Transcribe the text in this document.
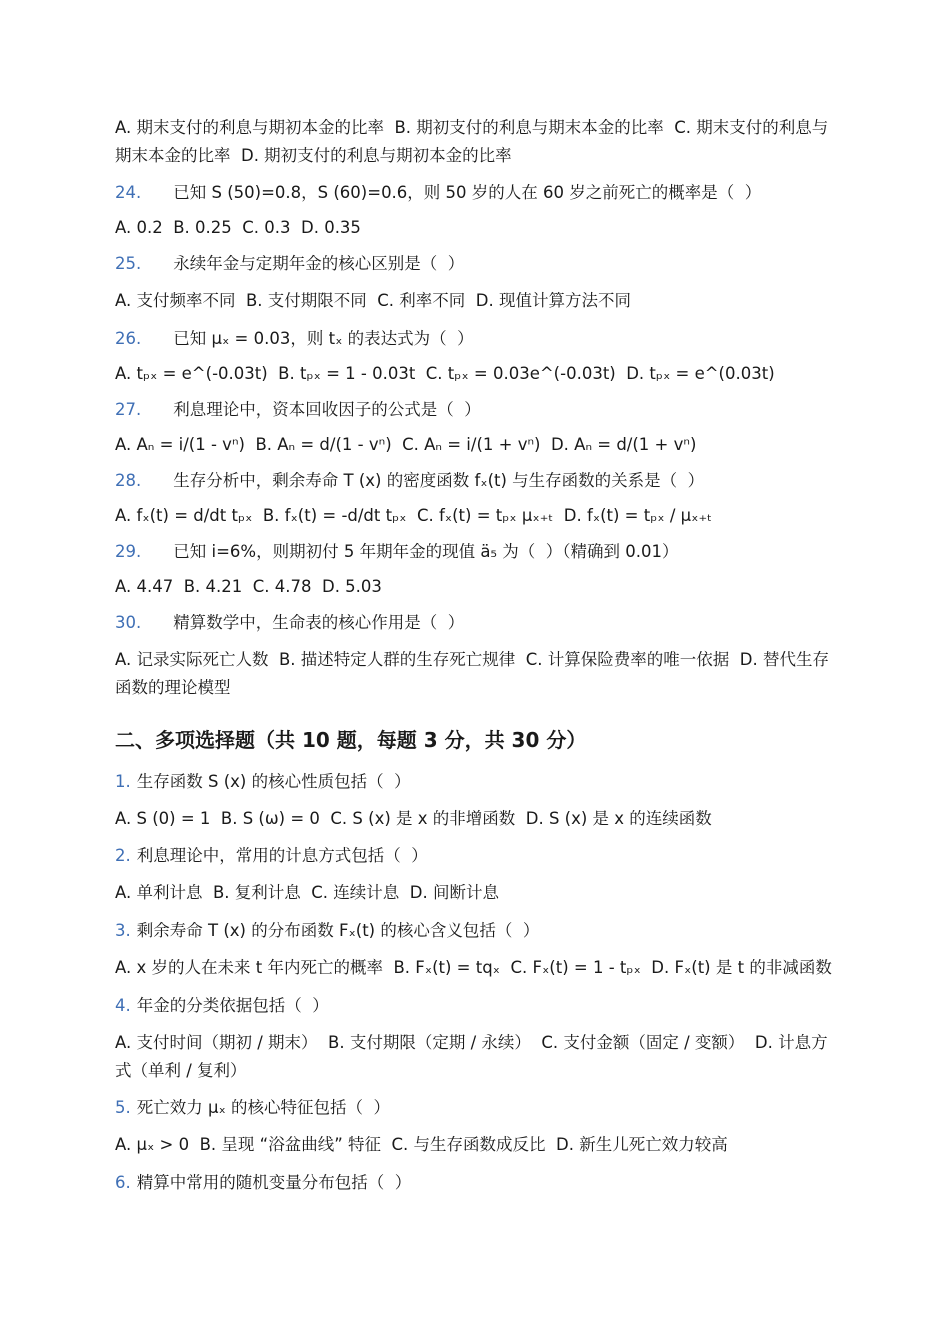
A. 期末支付的利息与期初本金的比率  B. 期初支付的利息与期末本金的比率  C. 期末支付的利息与期末本金的比率  D. 期初支付的利息与期初本金的比率
24. 已知 S (50)=0.8，S (60)=0.6，则 50 岁的人在 60 岁之前死亡的概率是（  ）
A. 0.2  B. 0.25  C. 0.3  D. 0.35
25. 永续年金与定期年金的核心区别是（  ）
A. 支付频率不同  B. 支付期限不同  C. 利率不同  D. 现值计算方法不同
26. 已知 μₓ = 0.03，则 tₓ 的表达式为（  ）
A. tₚₓ = e^(-0.03t)  B. tₚₓ = 1 - 0.03t  C. tₚₓ = 0.03e^(-0.03t)  D. tₚₓ = e^(0.03t)
27. 利息理论中，资本回收因子的公式是（  ）
A. Aₙ = i/(1 - vⁿ)  B. Aₙ = d/(1 - vⁿ)  C. Aₙ = i/(1 + vⁿ)  D. Aₙ = d/(1 + vⁿ)
28. 生存分析中，剩余寿命 T (x) 的密度函数 fₓ(t) 与生存函数的关系是（  ）
A. fₓ(t) = d/dt tₚₓ  B. fₓ(t) = -d/dt tₚₓ  C. fₓ(t) = tₚₓ μₓ₊ₜ  D. fₓ(t) = tₚₓ / μₓ₊ₜ
29. 已知 i=6%，则期初付 5 年期年金的现值 ä₅ 为（  ）（精确到 0.01）
A. 4.47  B. 4.21  C. 4.78  D. 5.03
30. 精算数学中，生命表的核心作用是（  ）
A. 记录实际死亡人数  B. 描述特定人群的生存死亡规律  C. 计算保险费率的唯一依据  D. 替代生存函数的理论模型
二、多项选择题（共 10 题，每题 3 分，共 30 分）
1. 生存函数 S (x) 的核心性质包括（  ）
A. S (0) = 1  B. S (ω) = 0  C. S (x) 是 x 的非增函数  D. S (x) 是 x 的连续函数
2. 利息理论中，常用的计息方式包括（  ）
A. 单利计息  B. 复利计息  C. 连续计息  D. 间断计息
3. 剩余寿命 T (x) 的分布函数 Fₓ(t) 的核心含义包括（  ）
A. x 岁的人在未来 t 年内死亡的概率  B. Fₓ(t) = tqₓ  C. Fₓ(t) = 1 - tₚₓ  D. Fₓ(t) 是 t 的非减函数
4. 年金的分类依据包括（  ）
A. 支付时间（期初 / 期末）  B. 支付期限（定期 / 永续）  C. 支付金额（固定 / 变额）  D. 计息方式（单利 / 复利）
5. 死亡效力 μₓ 的核心特征包括（  ）
A. μₓ > 0  B. 呈现 “浴盆曲线” 特征  C. 与生存函数成反比  D. 新生儿死亡效力较高
6. 精算中常用的随机变量分布包括（  ）
